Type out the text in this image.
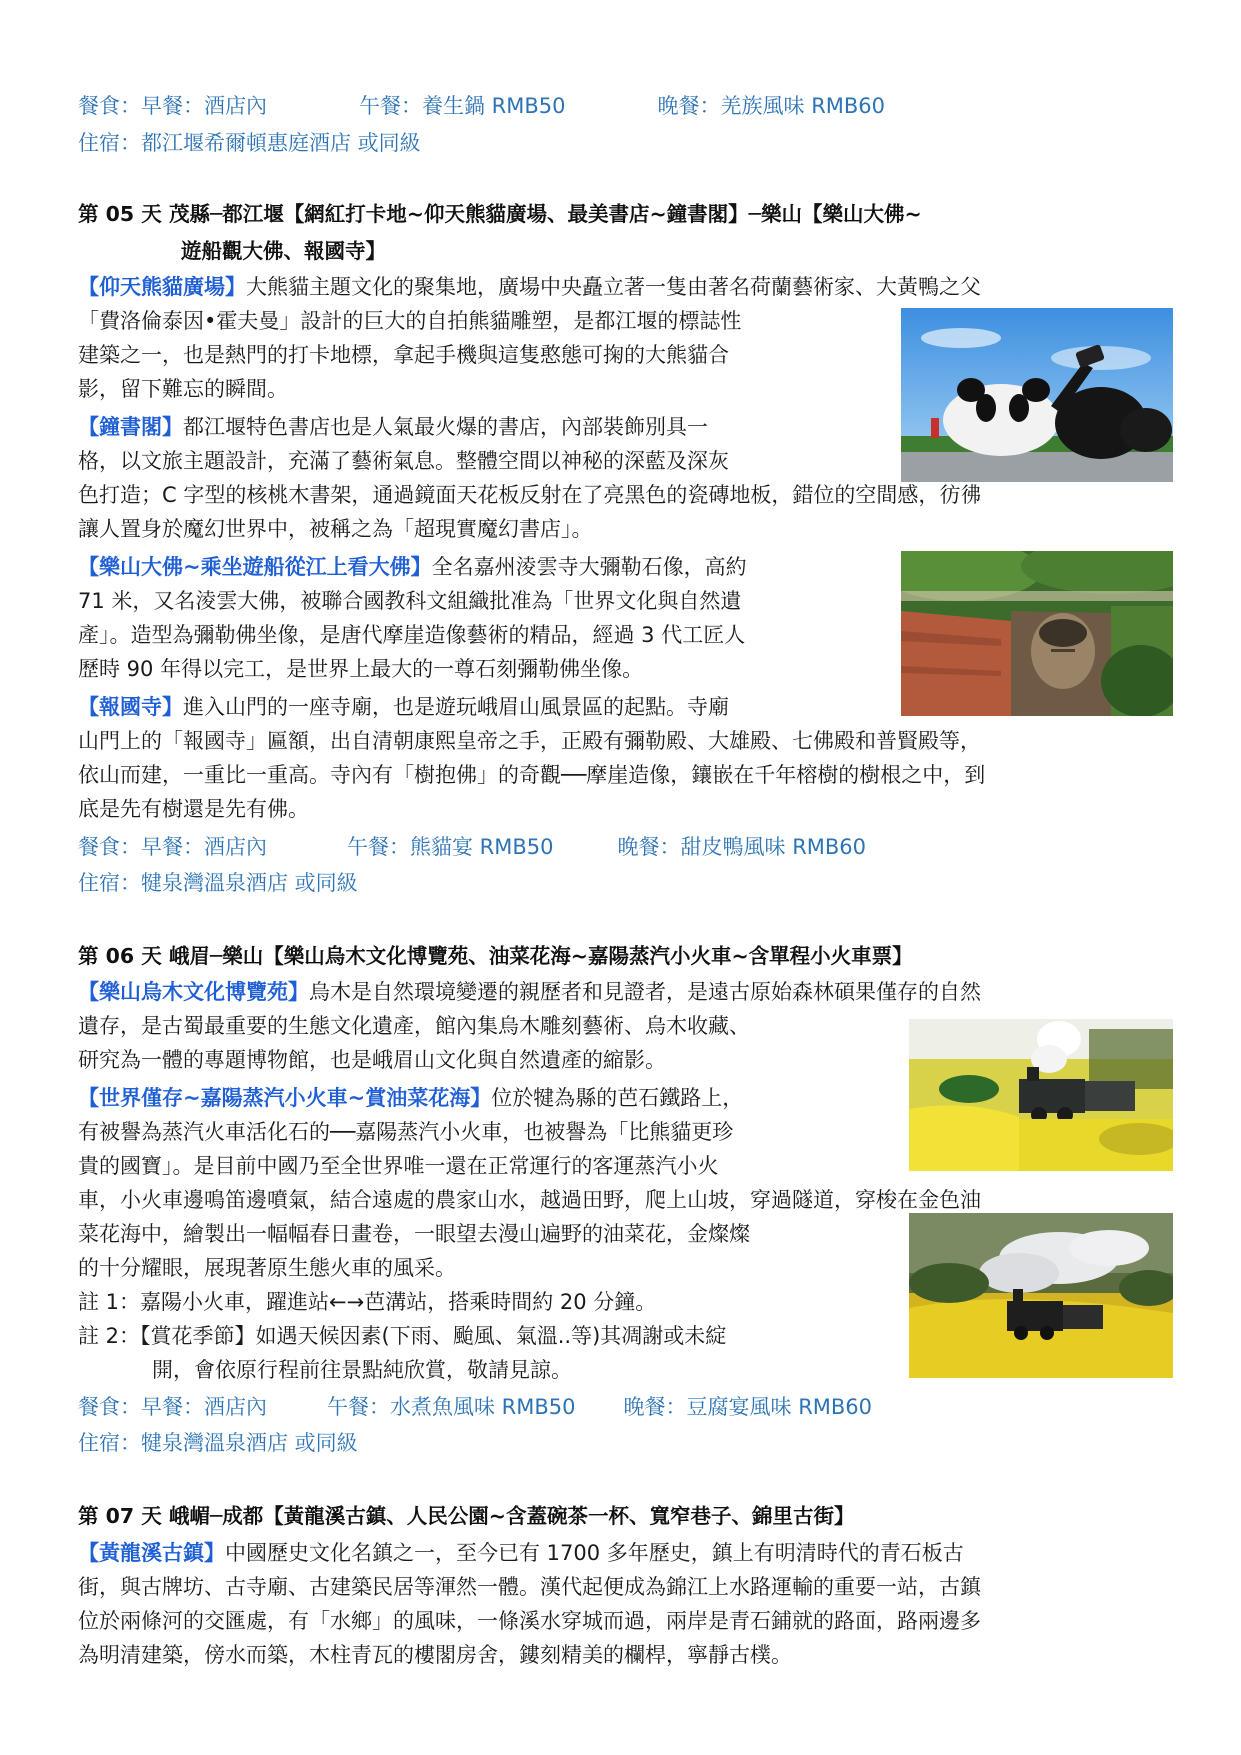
餐食：早餐：酒店內	午餐：養生鍋 RMB50	晚餐：羌族風味 RMB60
住宿：都江堰希爾頓惠庭酒店 或同級
第 05 天 茂縣─都江堰【網紅打卡地~仰天熊貓廣場、最美書店~鐘書閣】─樂山【樂山大佛~
遊船觀大佛、報國寺】
【仰天熊貓廣場】大熊貓主題文化的聚集地，廣場中央矗立著一隻由著名荷蘭藝術家、大黃鴨之父
「費洛倫泰因•霍夫曼」設計的巨大的自拍熊貓雕塑，是都江堰的標誌性
建築之一，也是熱門的打卡地標，拿起手機與這隻憨態可掬的大熊貓合
影，留下難忘的瞬間。
【鐘書閣】都江堰特色書店也是人氣最火爆的書店，內部裝飾別具一
格，以文旅主題設計，充滿了藝術氣息。整體空間以神秘的深藍及深灰
色打造；C 字型的核桃木書架，通過鏡面天花板反射在了亮黑色的瓷磚地板，錯位的空間感，彷彿
讓人置身於魔幻世界中，被稱之為「超現實魔幻書店」。
【樂山大佛~乘坐遊船從江上看大佛】全名嘉州淩雲寺大彌勒石像，高約
71 米，又名淩雲大佛，被聯合國教科文組織批准為「世界文化與自然遺
產」。造型為彌勒佛坐像，是唐代摩崖造像藝術的精品，經過 3 代工匠人
歷時 90 年得以完工，是世界上最大的一尊石刻彌勒佛坐像。
【報國寺】進入山門的一座寺廟，也是遊玩峨眉山風景區的起點。寺廟
山門上的「報國寺」匾額，出自清朝康熙皇帝之手，正殿有彌勒殿、大雄殿、七佛殿和普賢殿等，
依山而建，一重比一重高。寺內有「樹抱佛」的奇觀──摩崖造像，鑲嵌在千年榕樹的樹根之中，到
底是先有樹還是先有佛。
餐食：早餐：酒店內	午餐：熊貓宴 RMB50	晚餐：甜皮鴨風味 RMB60
住宿：犍泉灣溫泉酒店 或同級
第 06 天 峨眉─樂山【樂山烏木文化博覽苑、油菜花海~嘉陽蒸汽小火車~含單程小火車票】
【樂山烏木文化博覽苑】烏木是自然環境變遷的親歷者和見證者，是遠古原始森林碩果僅存的自然
遺存，是古蜀最重要的生態文化遺產，館內集烏木雕刻藝術、烏木收藏、
研究為一體的專題博物館，也是峨眉山文化與自然遺產的縮影。
【世界僅存~嘉陽蒸汽小火車~賞油菜花海】位於犍為縣的芭石鐵路上，
有被譽為蒸汽火車活化石的──嘉陽蒸汽小火車，也被譽為「比熊貓更珍
貴的國寶」。是目前中國乃至全世界唯一還在正常運行的客運蒸汽小火
車，小火車邊鳴笛邊噴氣，結合遠處的農家山水，越過田野，爬上山坡，穿過隧道，穿梭在金色油
菜花海中，繪製出一幅幅春日畫卷，一眼望去漫山遍野的油菜花，金燦燦
的十分耀眼，展現著原生態火車的風采。
註 1：嘉陽小火車，躍進站←→芭溝站，搭乘時間約 20 分鐘。
註 2：【賞花季節】如遇天候因素(下雨、颱風、氣溫..等)其凋謝或未綻
開，會依原行程前往景點純欣賞，敬請見諒。
餐食：早餐：酒店內	午餐：水煮魚風味 RMB50 晚餐：豆腐宴風味 RMB60
住宿：犍泉灣溫泉酒店 或同級
第 07 天 峨嵋─成都【黃龍溪古鎮、人民公園~含蓋碗茶一杯、寬窄巷子、錦里古街】
【黃龍溪古鎮】中國歷史文化名鎮之一，至今已有 1700 多年歷史，鎮上有明清時代的青石板古
街，與古牌坊、古寺廟、古建築民居等渾然一體。漢代起便成為錦江上水路運輸的重要一站，古鎮
位於兩條河的交匯處，有「水鄉」的風味，一條溪水穿城而過，兩岸是青石鋪就的路面，路兩邊多
為明清建築，傍水而築，木柱青瓦的樓閣房舍，鏤刻精美的欄桿，寧靜古樸。
